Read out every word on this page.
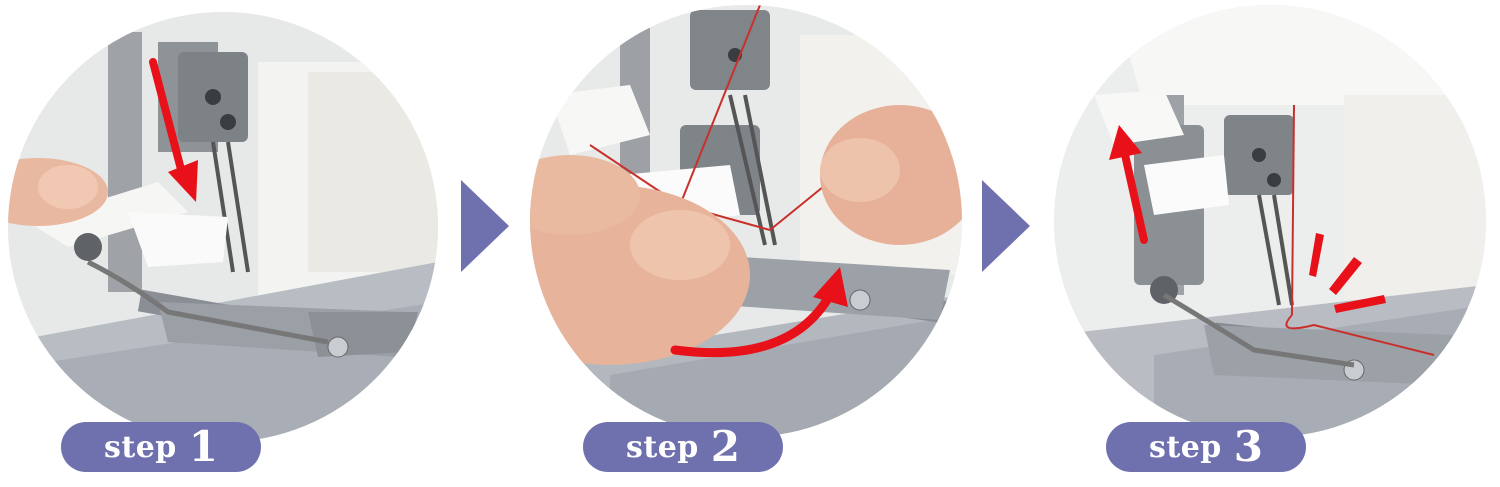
step 1	step 2	step 3
